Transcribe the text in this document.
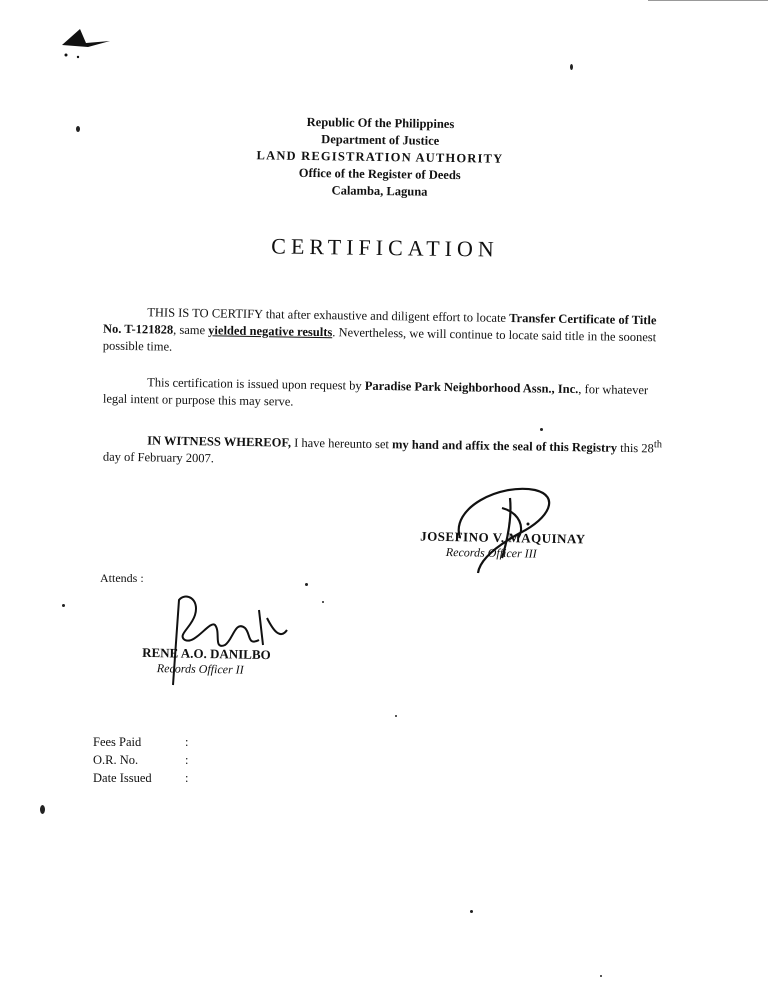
Republic Of the Philippines
Department of Justice
LAND REGISTRATION AUTHORITY
Office of the Register of Deeds
Calamba, Laguna
CERTIFICATION
THIS IS TO CERTIFY that after exhaustive and diligent effort to locate Transfer Certificate of Title No. T-121828, same yielded negative results. Nevertheless, we will continue to locate said title in the soonest possible time.
This certification is issued upon request by Paradise Park Neighborhood Assn., Inc., for whatever legal intent or purpose this may serve.
IN WITNESS WHEREOF, I have hereunto set my hand and affix the seal of this Registry this 28th day of February 2007.
JOSEFINO V. MAQUINAY
Records Officer III
Attends :
RENE A.O. DANILBO
Records Officer II
Fees Paid	:
O.R. No.	:
Date Issued	:
